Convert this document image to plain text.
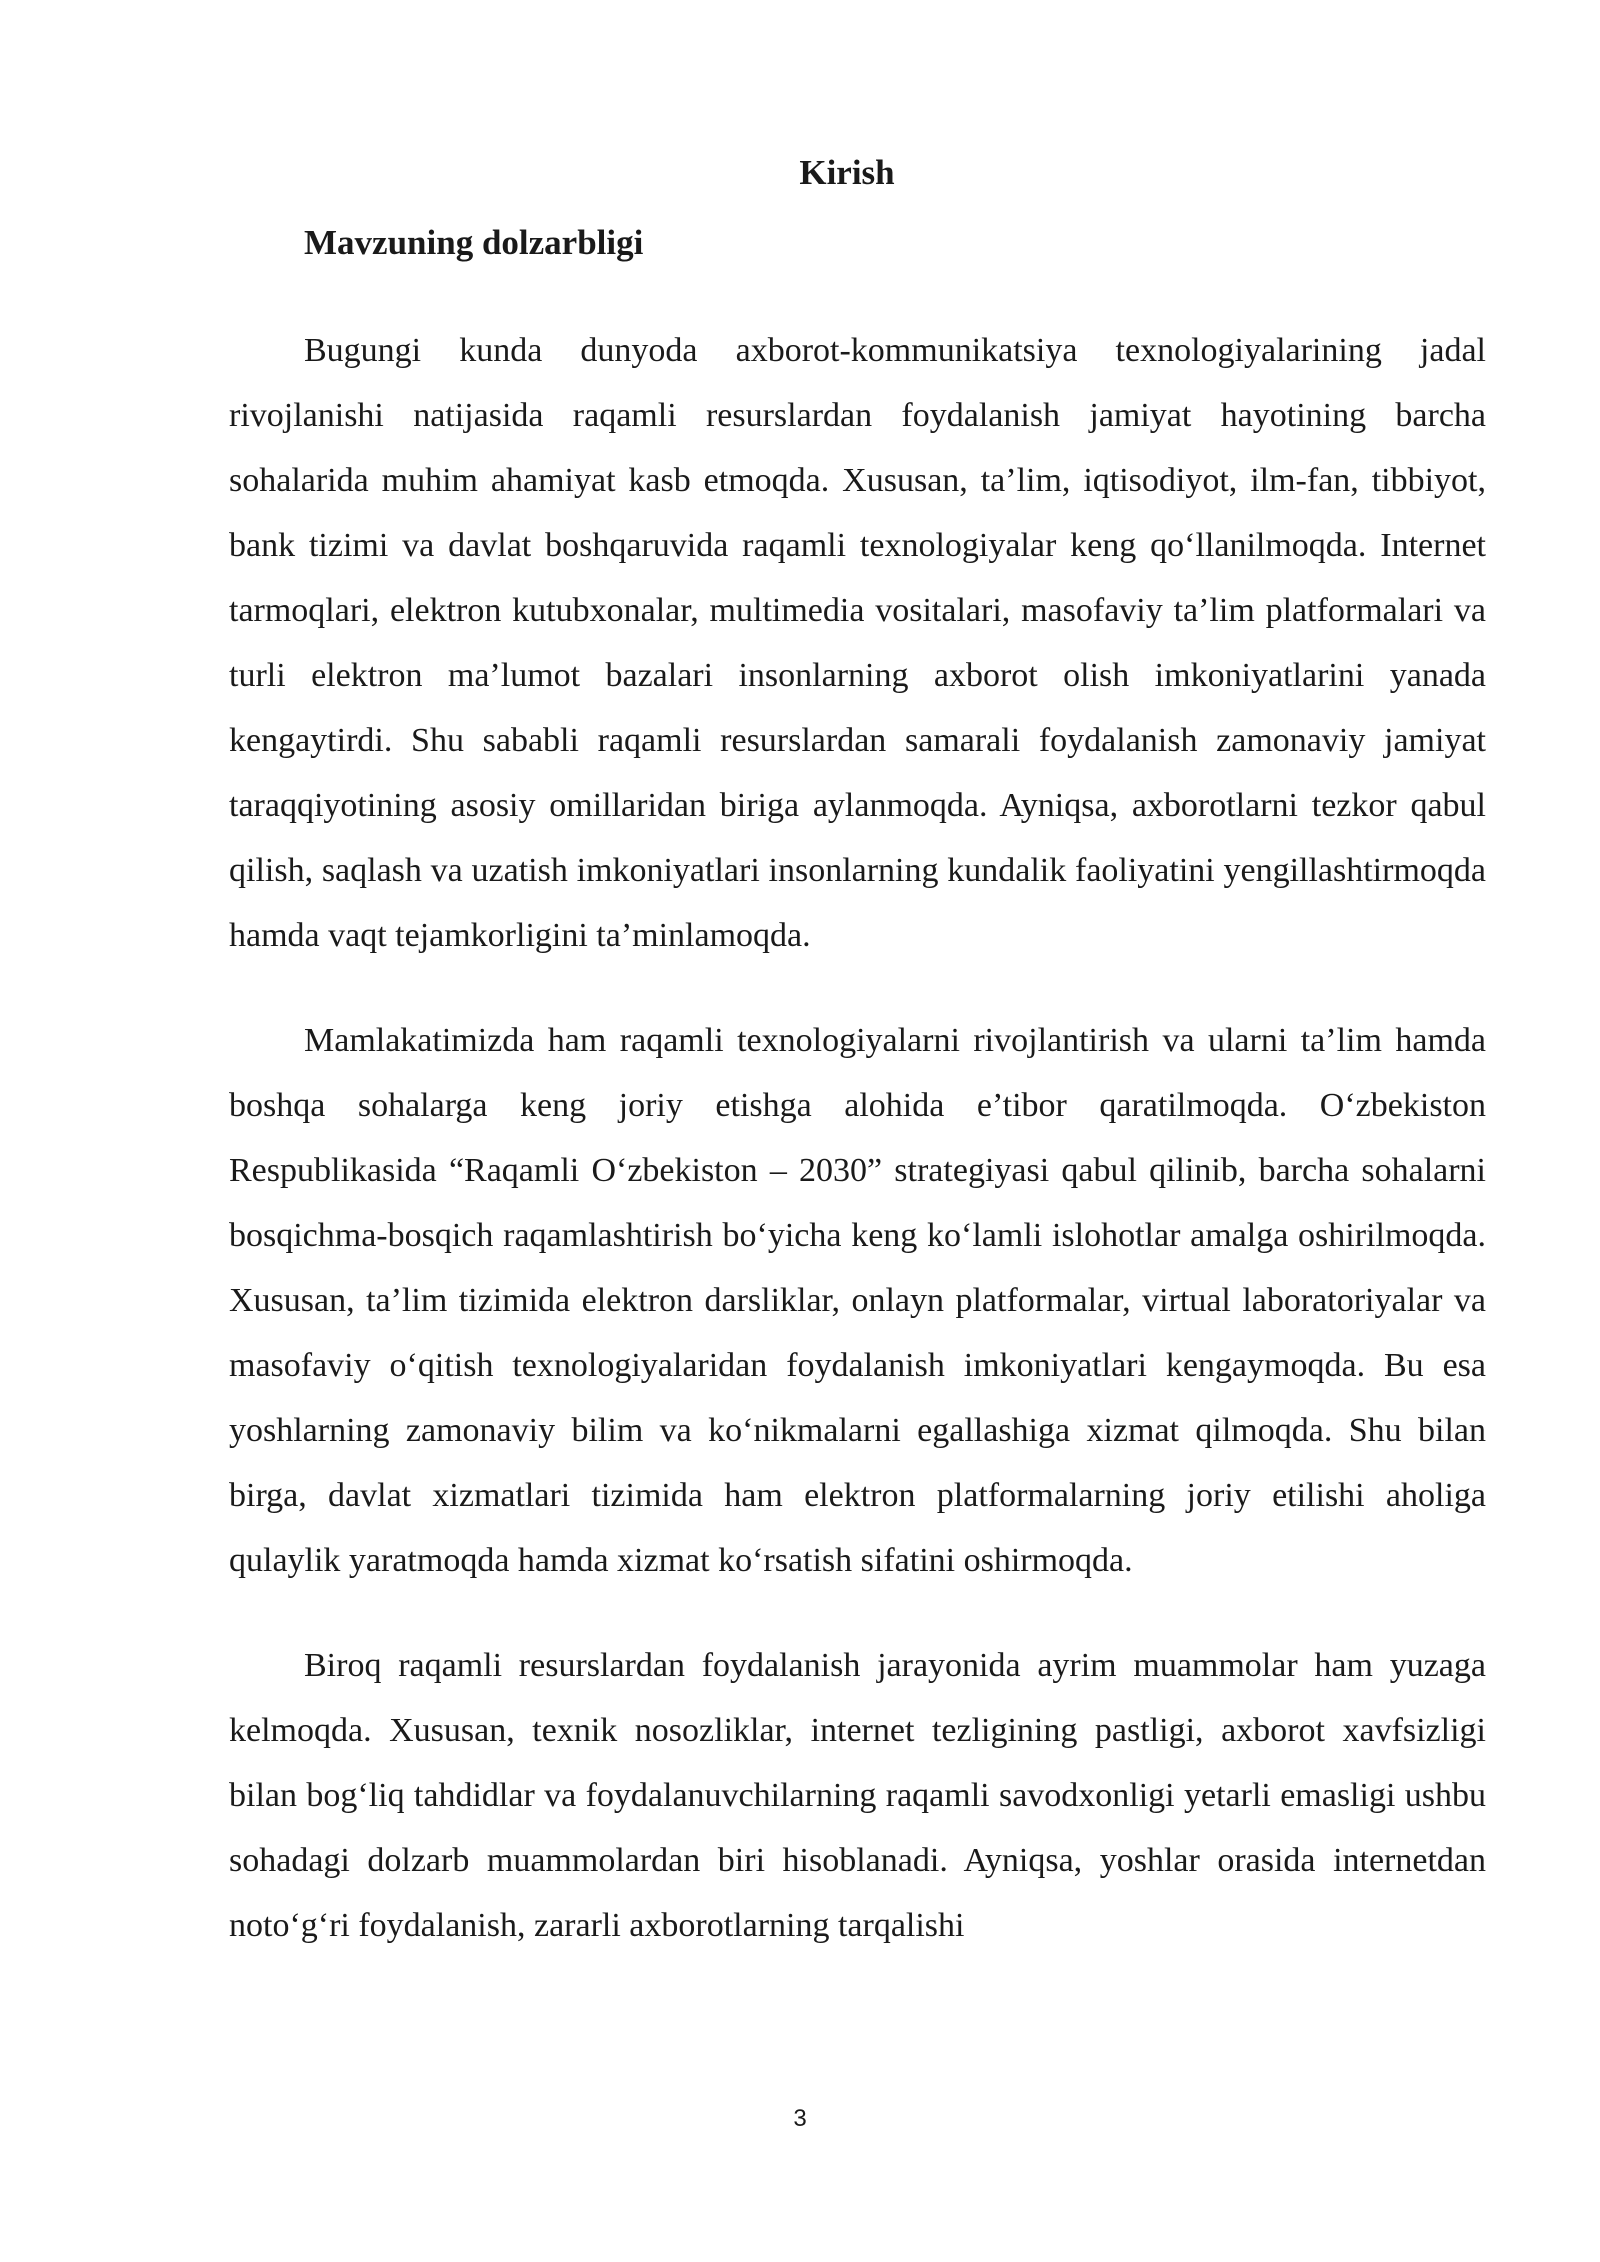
Kirish
Mavzuning dolzarbligi

Bugungi kunda dunyoda axborot-kommunikatsiya texnologiyalarining jadal rivojlanishi natijasida raqamli resurslardan foydalanish jamiyat hayotining barcha sohalarida muhim ahamiyat kasb etmoqda. Xususan, ta’lim, iqtisodiyot, ilm-fan, tibbiyot, bank tizimi va davlat boshqaruvida raqamli texnologiyalar keng qo‘llanilmoqda. Internet tarmoqlari, elektron kutubxonalar, multimedia vositalari, masofaviy ta’lim platformalari va turli elektron ma’lumot bazalari insonlarning axborot olish imkoniyatlarini yanada kengaytirdi. Shu sababli raqamli resurslardan samarali foydalanish zamonaviy jamiyat taraqqiyotining asosiy omillaridan biriga aylanmoqda. Ayniqsa, axborotlarni tezkor qabul qilish, saqlash va uzatish imkoniyatlari insonlarning kundalik faoliyatini yengillashtirmoqda hamda vaqt tejamkorligini ta’minlamoqda.

Mamlakatimizda ham raqamli texnologiyalarni rivojlantirish va ularni ta’lim hamda boshqa sohalarga keng joriy etishga alohida e’tibor qaratilmoqda. O‘zbekiston Respublikasida “Raqamli O‘zbekiston – 2030” strategiyasi qabul qilinib, barcha sohalarni bosqichma-bosqich raqamlashtirish bo‘yicha keng ko‘lamli islohotlar amalga oshirilmoqda. Xususan, ta’lim tizimida elektron darsliklar, onlayn platformalar, virtual laboratoriyalar va masofaviy o‘qitish texnologiyalaridan foydalanish imkoniyatlari kengaymoqda. Bu esa yoshlarning zamonaviy bilim va ko‘nikmalarni egallashiga xizmat qilmoqda. Shu bilan birga, davlat xizmatlari tizimida ham elektron platformalarning joriy etilishi aholiga qulaylik yaratmoqda hamda xizmat ko‘rsatish sifatini oshirmoqda.

Biroq raqamli resurslardan foydalanish jarayonida ayrim muammolar ham yuzaga kelmoqda. Xususan, texnik nosozliklar, internet tezligining pastligi, axborot xavfsizligi bilan bog‘liq tahdidlar va foydalanuvchilarning raqamli savodxonligi yetarli emasligi ushbu sohadagi dolzarb muammolardan biri hisoblanadi. Ayniqsa, yoshlar orasida internetdan noto‘g‘ri foydalanish, zararli axborotlarning tarqalishi

3
